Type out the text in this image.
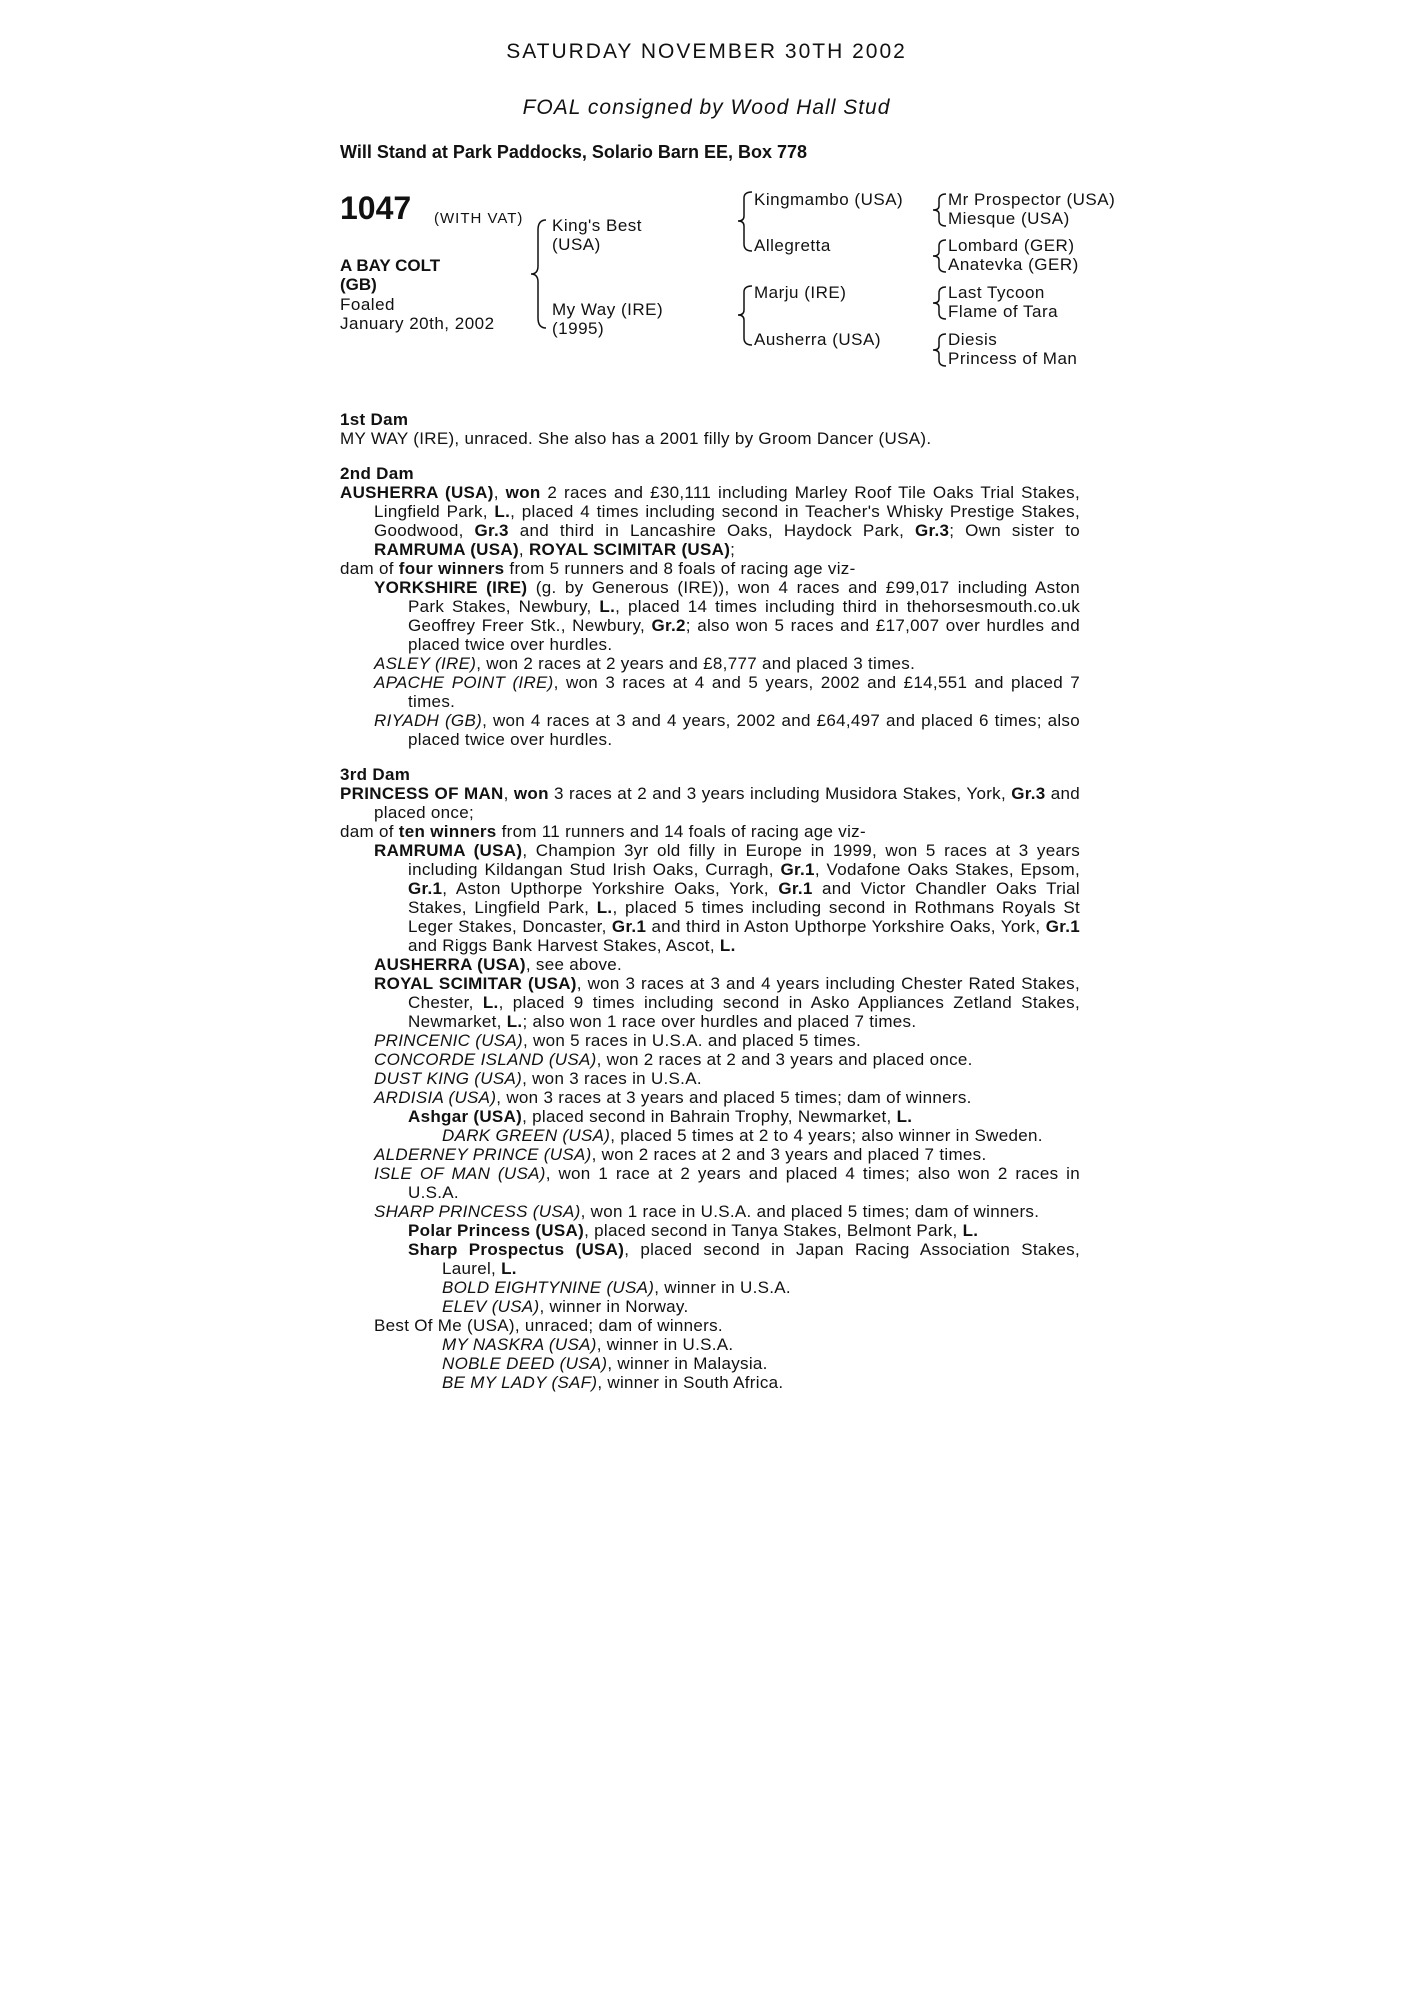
SATURDAY NOVEMBER 30TH 2002
FOAL consigned by Wood Hall Stud
Will Stand at Park Paddocks, Solario Barn EE, Box 778
1047 (WITH VAT)
A BAY COLT
(GB)
Foaled
January 20th, 2002
King's Best
(USA)
My Way (IRE)
(1995)
Kingmambo (USA)
Allegretta
Marju (IRE)
Ausherra (USA)
Mr Prospector (USA)
Miesque (USA)
Lombard (GER)
Anatevka (GER)
Last Tycoon
Flame of Tara
Diesis
Princess of Man

1st Dam

MY WAY (IRE), unraced. She also has a 2001 filly by Groom Dancer (USA).

2nd Dam

AUSHERRA (USA), won 2 races and £30,111 including Marley Roof Tile Oaks Trial Stakes, Lingfield Park, L., placed 4 times including second in Teacher's Whisky Prestige Stakes, Goodwood, Gr.3 and third in Lancashire Oaks, Haydock Park, Gr.3; Own sister to RAMRUMA (USA), ROYAL SCIMITAR (USA);

dam of four winners from 5 runners and 8 foals of racing age viz-

YORKSHIRE (IRE) (g. by Generous (IRE)), won 4 races and £99,017 including Aston Park Stakes, Newbury, L., placed 14 times including third in thehorsesmouth.co.uk Geoffrey Freer Stk., Newbury, Gr.2; also won 5 races and £17,007 over hurdles and placed twice over hurdles.

ASLEY (IRE), won 2 races at 2 years and £8,777 and placed 3 times.

APACHE POINT (IRE), won 3 races at 4 and 5 years, 2002 and £14,551 and placed 7 times.

RIYADH (GB), won 4 races at 3 and 4 years, 2002 and £64,497 and placed 6 times; also placed twice over hurdles.

3rd Dam

PRINCESS OF MAN, won 3 races at 2 and 3 years including Musidora Stakes, York, Gr.3 and placed once;

dam of ten winners from 11 runners and 14 foals of racing age viz-

RAMRUMA (USA), Champion 3yr old filly in Europe in 1999, won 5 races at 3 years including Kildangan Stud Irish Oaks, Curragh, Gr.1, Vodafone Oaks Stakes, Epsom, Gr.1, Aston Upthorpe Yorkshire Oaks, York, Gr.1 and Victor Chandler Oaks Trial Stakes, Lingfield Park, L., placed 5 times including second in Rothmans Royals St Leger Stakes, Doncaster, Gr.1 and third in Aston Upthorpe Yorkshire Oaks, York, Gr.1 and Riggs Bank Harvest Stakes, Ascot, L.

AUSHERRA (USA), see above.

ROYAL SCIMITAR (USA), won 3 races at 3 and 4 years including Chester Rated Stakes, Chester, L., placed 9 times including second in Asko Appliances Zetland Stakes, Newmarket, L.; also won 1 race over hurdles and placed 7 times.

PRINCENIC (USA), won 5 races in U.S.A. and placed 5 times.

CONCORDE ISLAND (USA), won 2 races at 2 and 3 years and placed once.

DUST KING (USA), won 3 races in U.S.A.

ARDISIA (USA), won 3 races at 3 years and placed 5 times; dam of winners.

Ashgar (USA), placed second in Bahrain Trophy, Newmarket, L.

DARK GREEN (USA), placed 5 times at 2 to 4 years; also winner in Sweden.

ALDERNEY PRINCE (USA), won 2 races at 2 and 3 years and placed 7 times.

ISLE OF MAN (USA), won 1 race at 2 years and placed 4 times; also won 2 races in U.S.A.

SHARP PRINCESS (USA), won 1 race in U.S.A. and placed 5 times; dam of winners.

Polar Princess (USA), placed second in Tanya Stakes, Belmont Park, L.

Sharp Prospectus (USA), placed second in Japan Racing Association Stakes, Laurel, L.

BOLD EIGHTYNINE (USA), winner in U.S.A.

ELEV (USA), winner in Norway.

Best Of Me (USA), unraced; dam of winners.

MY NASKRA (USA), winner in U.S.A.

NOBLE DEED (USA), winner in Malaysia.

BE MY LADY (SAF), winner in South Africa.
